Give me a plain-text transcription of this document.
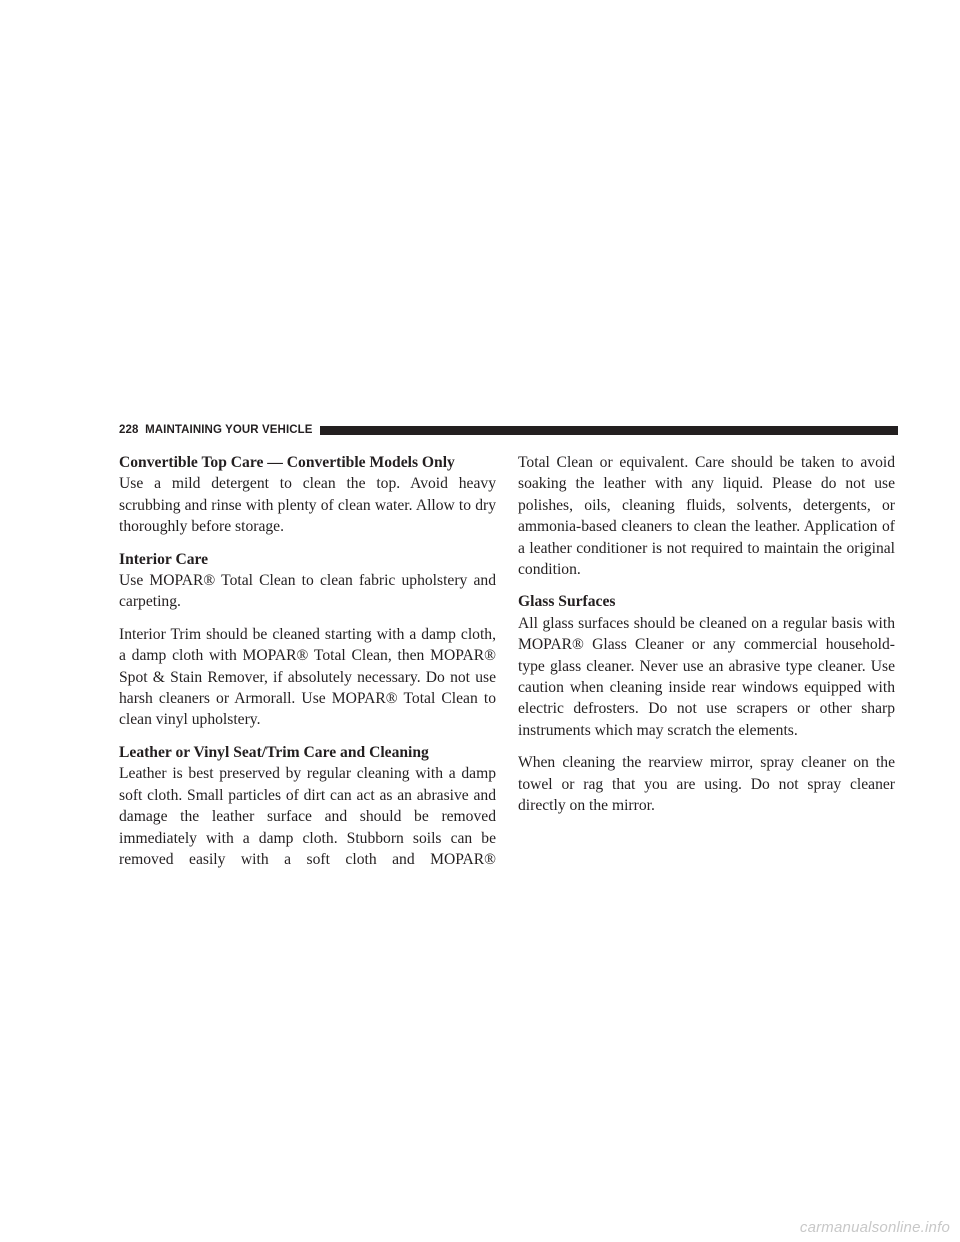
228 MAINTAINING YOUR VEHICLE
Convertible Top Care — Convertible Models Only

Use a mild detergent to clean the top. Avoid heavy scrubbing and rinse with plenty of clean water. Allow to dry thoroughly before storage.

Interior Care

Use MOPAR® Total Clean to clean fabric upholstery and carpeting.

Interior Trim should be cleaned starting with a damp cloth, a damp cloth with MOPAR® Total Clean, then MOPAR® Spot & Stain Remover, if absolutely necessary. Do not use harsh cleaners or Armorall. Use MOPAR® Total Clean to clean vinyl upholstery.

Leather or Vinyl Seat/Trim Care and Cleaning

Leather is best preserved by regular cleaning with a damp soft cloth. Small particles of dirt can act as an abrasive and damage the leather surface and should be removed immediately with a damp cloth. Stubborn soils can be removed easily with a soft cloth and MOPAR®

Total Clean or equivalent. Care should be taken to avoid soaking the leather with any liquid. Please do not use polishes, oils, cleaning fluids, solvents, detergents, or ammonia-based cleaners to clean the leather. Application of a leather conditioner is not required to maintain the original condition.

Glass Surfaces

All glass surfaces should be cleaned on a regular basis with MOPAR® Glass Cleaner or any commercial household-type glass cleaner. Never use an abrasive type cleaner. Use caution when cleaning inside rear windows equipped with electric defrosters. Do not use scrapers or other sharp instruments which may scratch the elements.

When cleaning the rearview mirror, spray cleaner on the towel or rag that you are using. Do not spray cleaner directly on the mirror.

carmanualsonline.info
